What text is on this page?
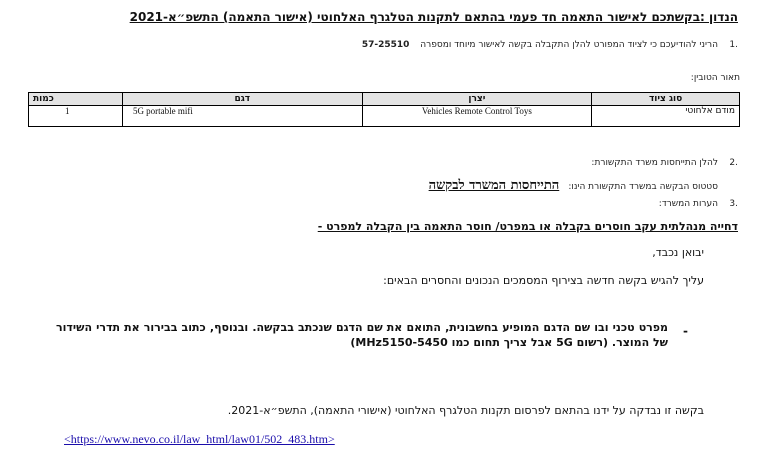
הנדון :בקשתכם לאישור התאמה חד פעמי בהתאם לתקנות הטלגרף האלחוטי (אישור התאמה) התשפ״א-2021
.1
הריני להודיעכם כי לציוד המפורט להלן התקבלה בקשה לאישור מיוחד ומספרה 57-25510
תאור הטובין:
סוג ציוד	יצרן	דגם	כמות
מודם אלחוטי	Vehicles Remote Control Toys	5G portable mifi	1
.2
להלן התייחסות משרד התקשורת:
סטטוס הבקשה במשרד התקשורת הינו: התייחסות המשרד לבקשה
.3
הערות המשרד:
דחייה מנהלתית עקב חוסרים בקבלה או במפרט/ חוסר התאמה בין הקבלה למפרט -
יבואן נכבד,
עליך להגיש בקשה חדשה בצירוף המסמכים הנכונים והחסרים הבאים:
-
מפרט טכני ובו שם הדגם המופיע בחשבונית, התואם את שם הדגם שנכתב בבקשה. ובנוסף, כתוב בבירור את תדרי השידור של המוצר. (רשום 5G אבל צריך תחום כמו MHz5150-5450)
בקשה זו נבדקה על ידנו בהתאם לפרסום תקנות הטלגרף האלחוטי (אישורי התאמה), התשפ״א-2021.
<https://www.nevo.co.il/law_html/law01/502_483.htm>
